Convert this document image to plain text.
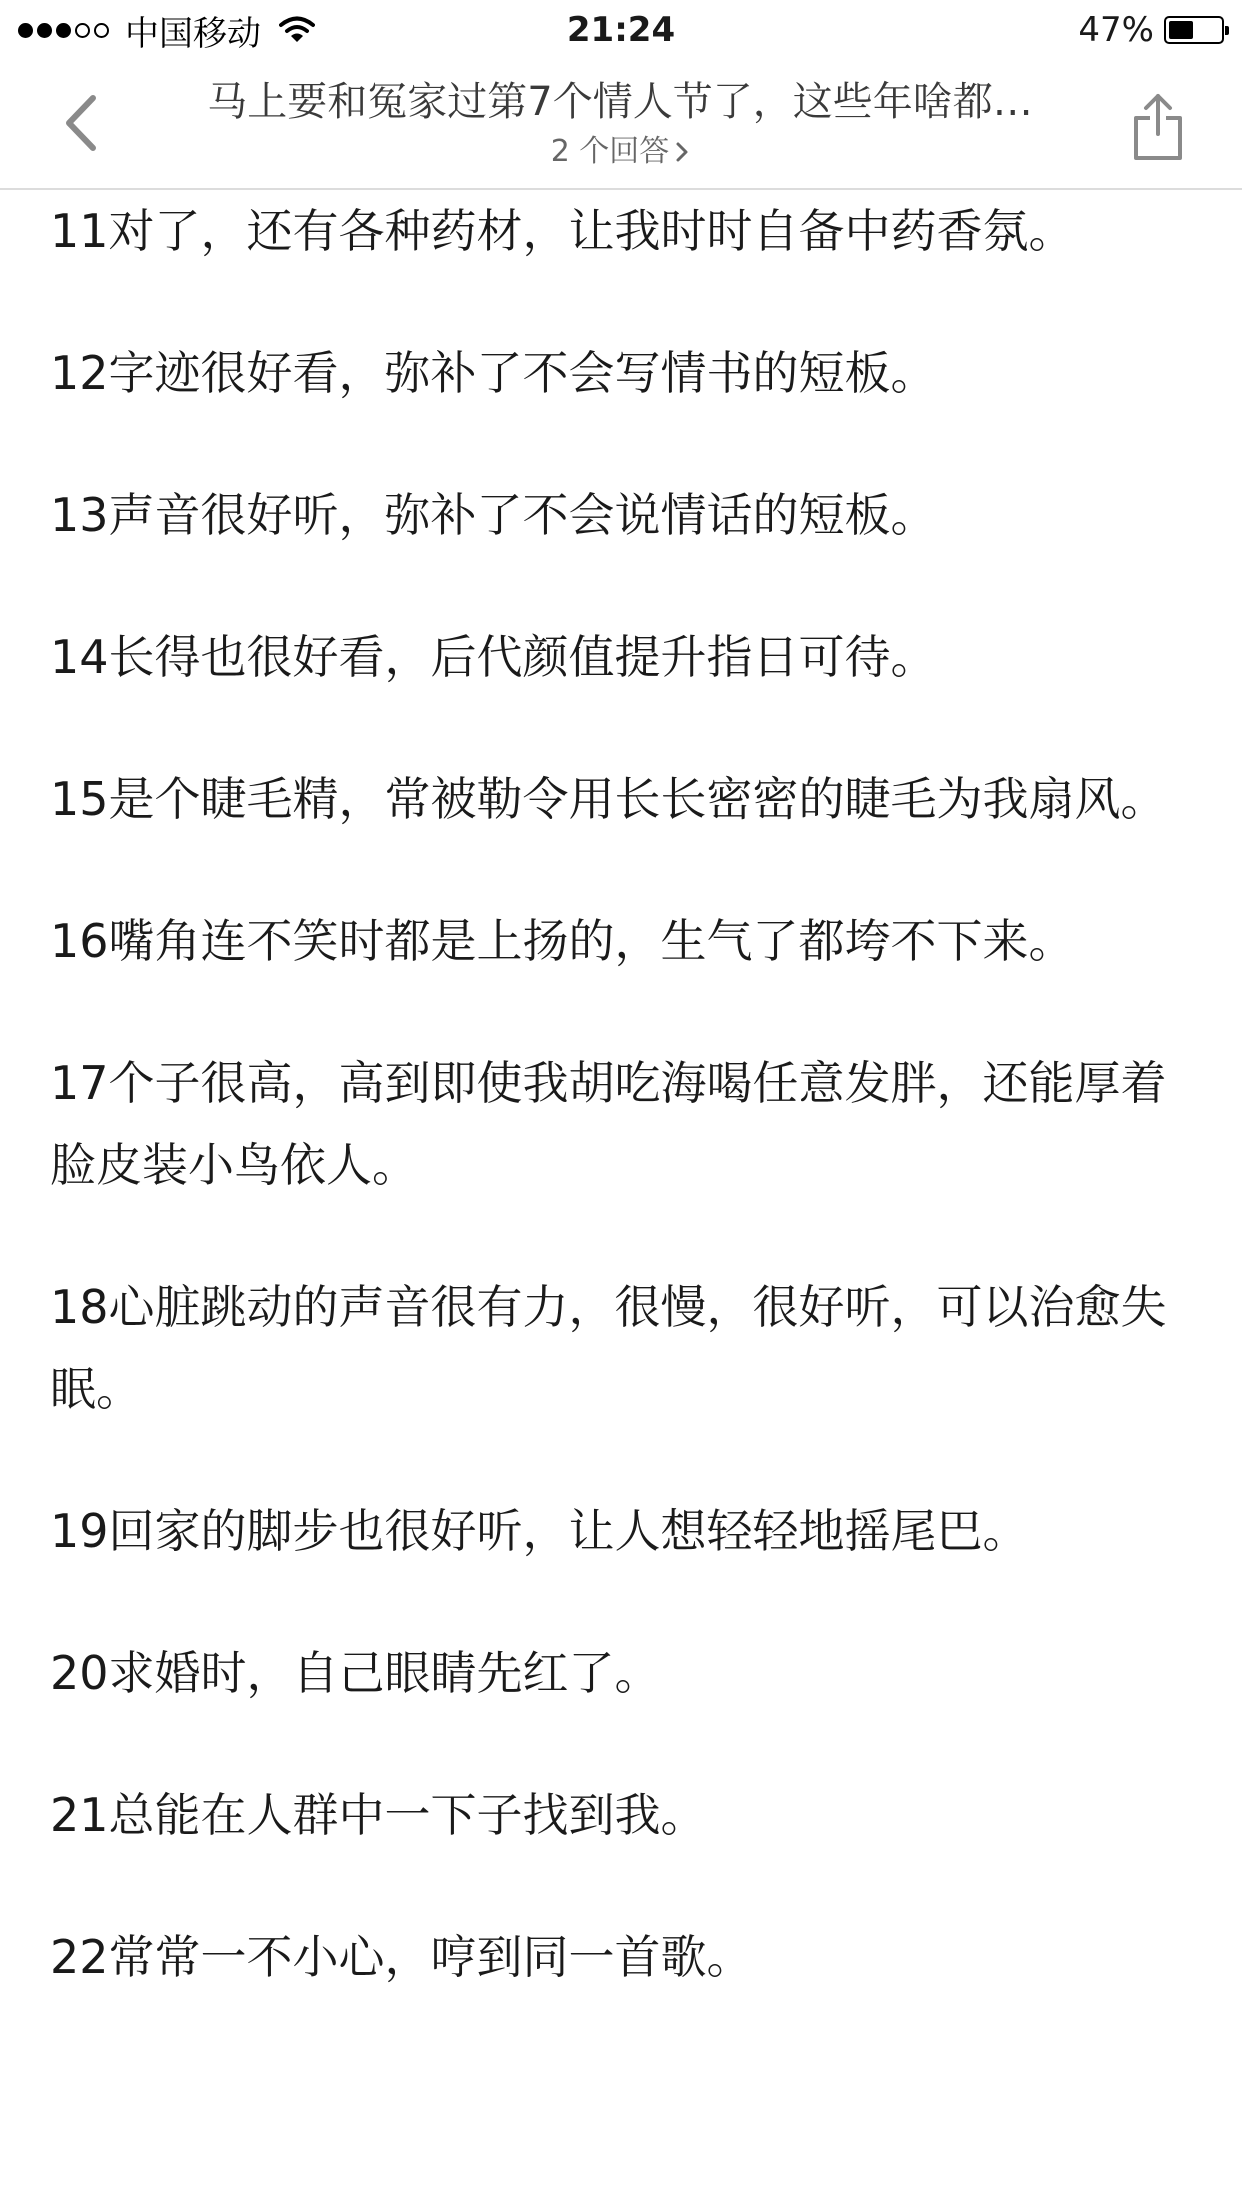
中国移动	21:24	47%
马上要和冤家过第7个情人节了，这些年啥都…
2 个回答

11对了，还有各种药材，让我时时自备中药香氛。

12字迹很好看，弥补了不会写情书的短板。

13声音很好听，弥补了不会说情话的短板。

14长得也很好看，后代颜值提升指日可待。

15是个睫毛精，常被勒令用长长密密的睫毛为我扇风。

16嘴角连不笑时都是上扬的，生气了都垮不下来。

17个子很高，高到即使我胡吃海喝任意发胖，还能厚着脸皮装小鸟依人。

18心脏跳动的声音很有力，很慢，很好听，可以治愈失眠。

19回家的脚步也很好听，让人想轻轻地摇尾巴。

20求婚时，自己眼睛先红了。

21总能在人群中一下子找到我。

22常常一不小心，哼到同一首歌。
